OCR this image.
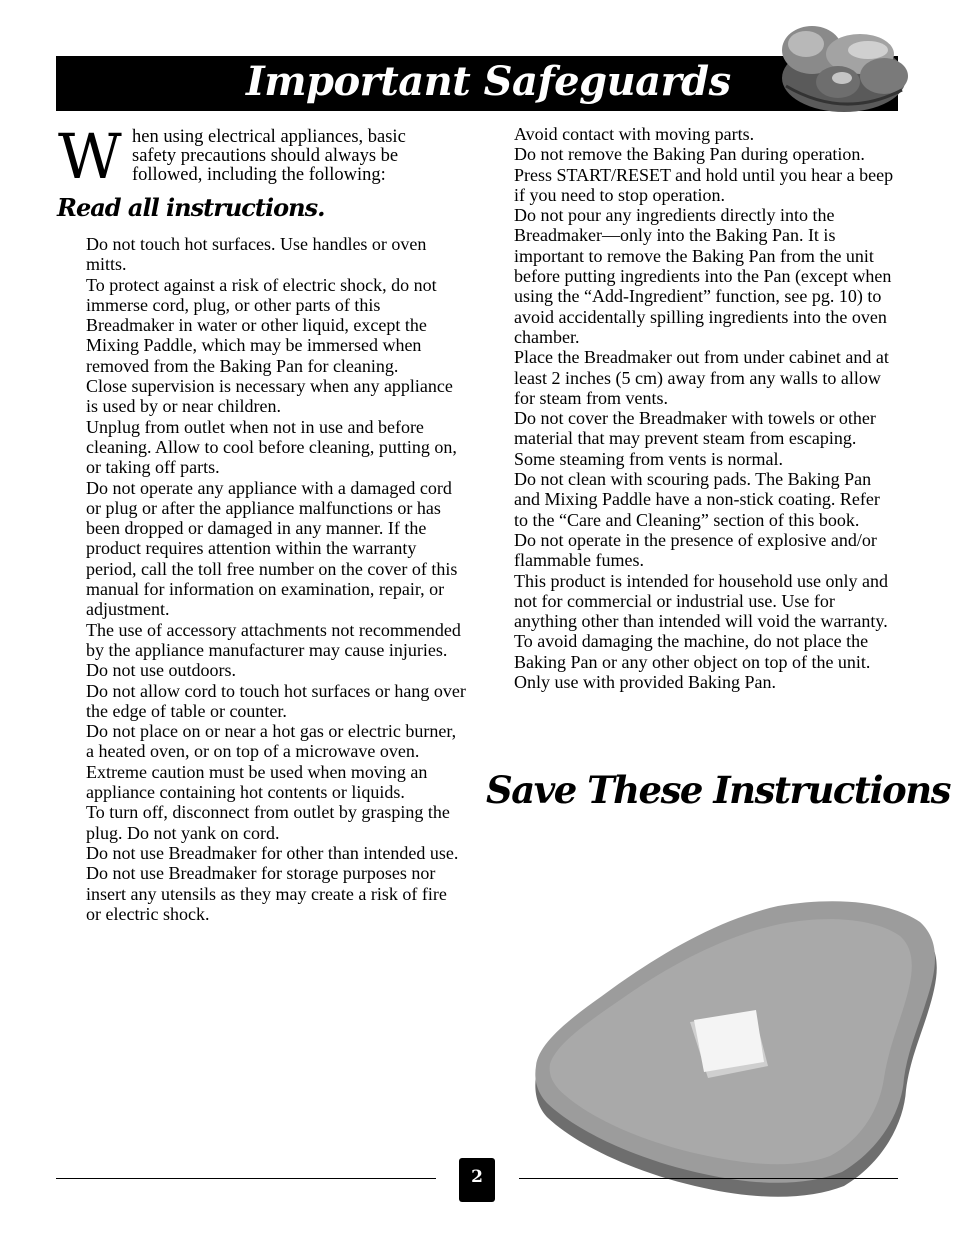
Important Safeguards
W hen using electrical appliances, basic safety precautions should always be followed, including the following:
Read all instructions.

Do not touch hot surfaces. Use handles or oven mitts.

To protect against a risk of electric shock, do not immerse cord, plug, or other parts of this Breadmaker in water or other liquid, except the Mixing Paddle, which may be immersed when removed from the Baking Pan for cleaning.

Close supervision is necessary when any appliance is used by or near children.

Unplug from outlet when not in use and before cleaning. Allow to cool before cleaning, putting on, or taking off parts.

Do not operate any appliance with a damaged cord or plug or after the appliance malfunctions or has been dropped or damaged in any manner. If the product requires attention within the warranty period, call the toll free number on the cover of this manual for information on examination, repair, or adjustment.

The use of accessory attachments not recommended by the appliance manufacturer may cause injuries.

Do not use outdoors.

Do not allow cord to touch hot surfaces or hang over the edge of table or counter.

Do not place on or near a hot gas or electric burner, a heated oven, or on top of a microwave oven.

Extreme caution must be used when moving an appliance containing hot contents or liquids.

To turn off, disconnect from outlet by grasping the plug. Do not yank on cord.

Do not use Breadmaker for other than intended use.

Do not use Breadmaker for storage purposes nor insert any utensils as they may create a risk of fire or electric shock.

Avoid contact with moving parts.

Do not remove the Baking Pan during operation. Press START/RESET and hold until you hear a beep if you need to stop operation.

Do not pour any ingredients directly into the Breadmaker—only into the Baking Pan. It is important to remove the Baking Pan from the unit before putting ingredients into the Pan (except when using the “Add-Ingredient” function, see pg. 10) to avoid accidentally spilling ingredients into the oven chamber.

Place the Breadmaker out from under cabinet and at least 2 inches (5 cm) away from any walls to allow for steam from vents.

Do not cover the Breadmaker with towels or other material that may prevent steam from escaping. Some steaming from vents is normal.

Do not clean with scouring pads. The Baking Pan and Mixing Paddle have a non-stick coating. Refer to the “Care and Cleaning” section of this book.

Do not operate in the presence of explosive and/or flammable fumes.

This product is intended for household use only and not for commercial or industrial use. Use for anything other than intended will void the warranty.

To avoid damaging the machine, do not place the Baking Pan or any other object on top of the unit.

Only use with provided Baking Pan.

Save These Instructions
2
